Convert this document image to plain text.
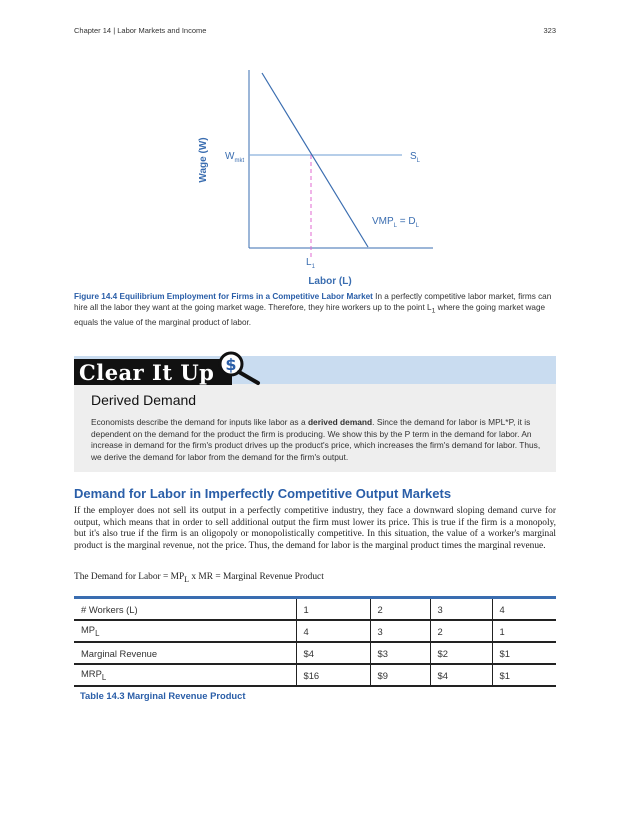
Chapter 14 | Labor Markets and Income	323
Wage (W)
Labor (L)
$W_{mkt}$	$S_L$
$VMP_L = D_L$
$L_1$
Figure 14.4 Equilibrium Employment for Firms in a Competitive Labor Market In a perfectly competitive labor market, firms can hire all the labor they want at the going market wage. Therefore, they hire workers up to the point $L_1$ where the going market wage equals the value of the marginal product of labor.
Clear It Up $
Derived Demand

Economists describe the demand for inputs like labor as a derived demand. Since the demand for labor is MPL*P, it is dependent on the demand for the product the firm is producing. We show this by the P term in the demand for labor. An increase in demand for the firm's product drives up the product's price, which increases the firm's demand for labor. Thus, we derive the demand for labor from the demand for the firm's output.

Demand for Labor in Imperfectly Competitive Output Markets

If the employer does not sell its output in a perfectly competitive industry, they face a downward sloping demand curve for output, which means that in order to sell additional output the firm must lower its price. This is true if the firm is a monopoly, but it's also true if the firm is an oligopoly or monopolistically competitive. In this situation, the value of a worker's marginal product is the marginal revenue, not the price. Thus, the demand for labor is the marginal product times the marginal revenue.

The Demand for Labor = $MP_L$ x MR = Marginal Revenue Product
# Workers (L)	1	2	3	4
$MP_L$	4	3	2	1
Marginal Revenue	$4	$3	$2	$1
$MRP_L$	$16	$9	$4	$1
Table 14.3 Marginal Revenue Product
